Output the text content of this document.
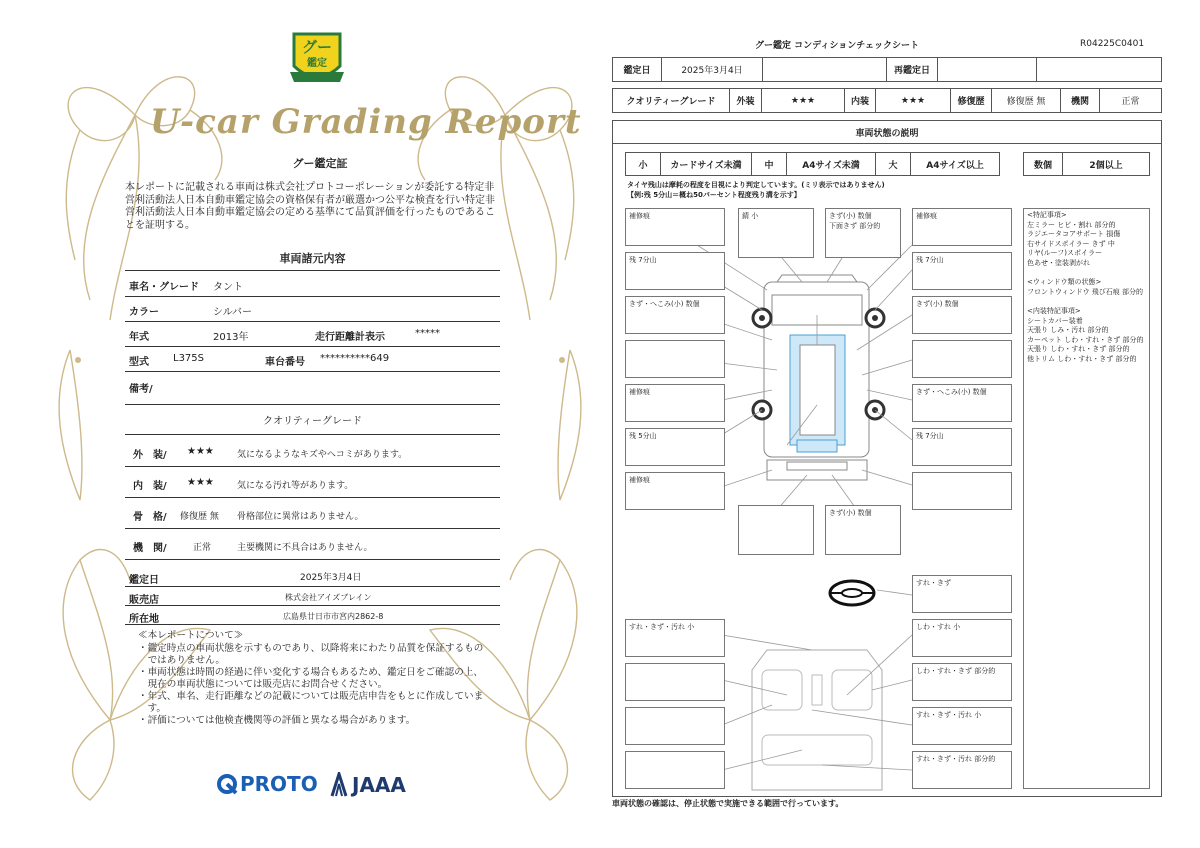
グー
鑑定
U-car Grading Report
グー鑑定証
本レポートに記載される車両は株式会社プロトコーポレーションが委託する特定非営利活動法人日本自動車鑑定協会の資格保有者が厳選かつ公平な検査を行い特定非営利活動法人日本自動車鑑定協会の定める基準にて品質評価を行ったものであることを証明する。
車両諸元内容
車名・グレード タント
カラー	シルバー
年式	2013年	走行距離計表示	*****
型式 L375S	車台番号 **********649
備考/
クオリティーグレード
外　装/ ★★★	気になるようなキズやヘコミがあります。
内　装/ ★★★	気になる汚れ等があります。
骨　格/ 修復歴 無 骨格部位に異常はありません。
機　関/	正常	主要機関に不具合はありません。
鑑定日	2025年3月4日
販売店	株式会社アイズブレイン
所在地	広島県廿日市市宮内2862-8
≪本レポートについて≫
・ 鑑定時点の車両状態を示すものであり、以降将来にわたり品質を保証するものではありません。
・ 車両状態は時間の経過に伴い変化する場合もあるため、鑑定日をご確認の上、現在の車両状態については販売店にお問合せください。
・ 年式、車名、走行距離などの記載については販売店申告をもとに作成しています。
・ 評価については他検査機関等の評価と異なる場合があります。
PROTO JAAA
グー鑑定 コンディションチェックシート	R04225C0401
鑑定日	2025年3月4日	再鑑定日
クオリティーグレード	外装	★★★	内装	★★★	修復歴	修復歴 無	機関	正常
車両状態の説明
小	カードサイズ未満	中	A4サイズ未満	大	A4サイズ以上	数個	2個以上
タイヤ残山は摩耗の程度を目視により判定しています。(ミリ表示ではありません)
【例:残 5分山＝概ね50パーセント程度残り溝を示す】
補修痕	錆 小	きず(小) 数個
下面きず 部分的
補修痕
残 7分山	残 7分山
きず・へこみ(小) 数個	きず(小) 数個
補修痕	きず・へこみ(小) 数個
残 5分山	残 7分山
補修痕
きず(小) 数個
すれ・きず
すれ・きず・汚れ 小	しわ・すれ 小
しわ・すれ・きず 部分的
すれ・きず・汚れ 小
すれ・きず・汚れ 部分的
<特記事項>
左ミラー ヒビ・割れ 部分的
ラジエータコアサポート 損傷
右サイドスポイラー きず 中
リヤ(ルーフ)スポイラー
色あせ・塗装剥がれ
<ウィンドウ類の状態>
フロントウィンドウ 飛び石痕 部分的
<内装特記事項>
シートカバー装着
天張り しみ・汚れ 部分的
カーペット しわ・すれ・きず 部分的
天張り しわ・すれ・きず 部分的
他トリム しわ・すれ・きず 部分的
車両状態の確認は、停止状態で実施できる範囲で行っています。
